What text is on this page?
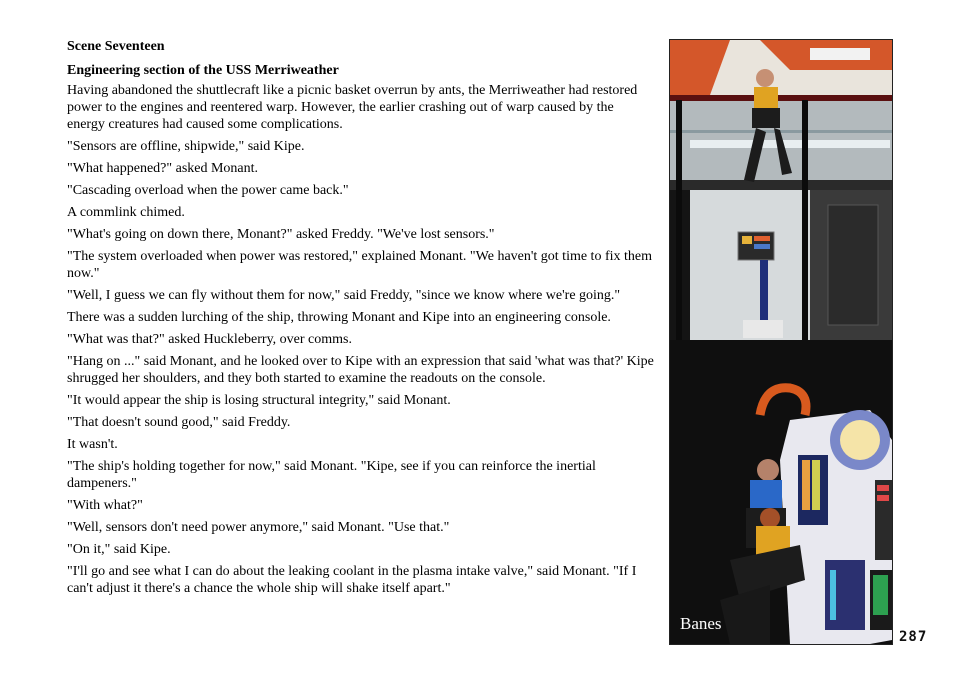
Scene Seventeen
Engineering section of the USS Merriweather

Having abandoned the shuttlecraft like a picnic basket overrun by ants, the Merriweather had restored power to the engines and reentered warp. However, the earlier crashing out of warp caused by the energy creatures had caused some complications.

"Sensors are offline, shipwide," said Kipe.

"What happened?" asked Monant.

"Cascading overload when the power came back."

A commlink chimed.

"What's going on down there, Monant?" asked Freddy. "We've lost sensors."

"The system overloaded when power was restored," explained Monant. "We haven't got time to fix them now."

"Well, I guess we can fly without them for now," said Freddy, "since we know where we're going."

There was a sudden lurching of the ship, throwing Monant and Kipe into an engineering console.

"What was that?" asked Huckleberry, over comms.

"Hang on ..." said Monant, and he looked over to Kipe with an expression that said 'what was that?' Kipe shrugged her shoulders, and they both started to examine the readouts on the console.

"It would appear the ship is losing structural integrity," said Monant.

"That doesn't sound good," said Freddy.

It wasn't.

"The ship's holding together for now," said Monant. "Kipe, see if you can reinforce the inertial dampeners."

"With what?"

"Well, sensors don't need power anymore," said Monant. "Use that."

"On it," said Kipe.

"I'll go and see what I can do about the leaking coolant in the plasma intake valve," said Monant. "If I can't adjust it there's a chance the whole ship will shake itself apart."

Banes
287
